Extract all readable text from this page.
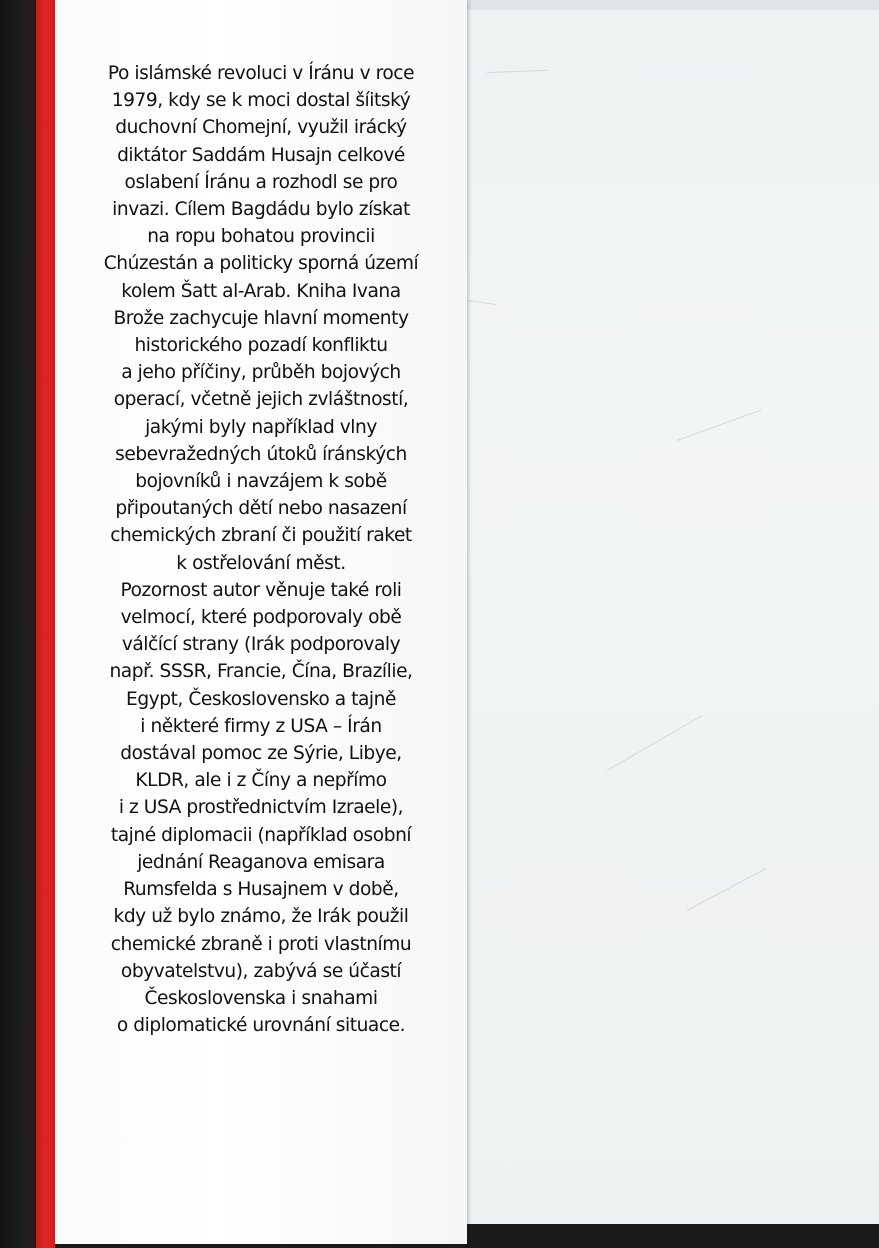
Po islámské revoluci v Íránu v roce
1979, kdy se k moci dostal šíitský
duchovní Chomejní, využil irácký
diktátor Saddám Husajn celkové
oslabení Íránu a rozhodl se pro
invazi. Cílem Bagdádu bylo získat
na ropu bohatou provincii
Chúzestán a politicky sporná území
kolem Šatt al-Arab. Kniha Ivana
Brože zachycuje hlavní momenty
historického pozadí konfliktu
a jeho příčiny, průběh bojových
operací, včetně jejich zvláštností,
jakými byly například vlny
sebevražedných útoků íránských
bojovníků i navzájem k sobě
připoutaných dětí nebo nasazení
chemických zbraní či použití raket
k ostřelování měst.
Pozornost autor věnuje také roli
velmocí, které podporovaly obě
válčící strany (Irák podporovaly
např. SSSR, Francie, Čína, Brazílie,
Egypt, Československo a tajně
i některé firmy z USA – Írán
dostával pomoc ze Sýrie, Libye,
KLDR, ale i z Číny a nepřímo
i z USA prostřednictvím Izraele),
tajné diplomacii (například osobní
jednání Reaganova emisara
Rumsfelda s Husajnem v době,
kdy už bylo známo, že Irák použil
chemické zbraně i proti vlastnímu
obyvatelstvu), zabývá se účastí
Československa i snahami
o diplomatické urovnání situace.
